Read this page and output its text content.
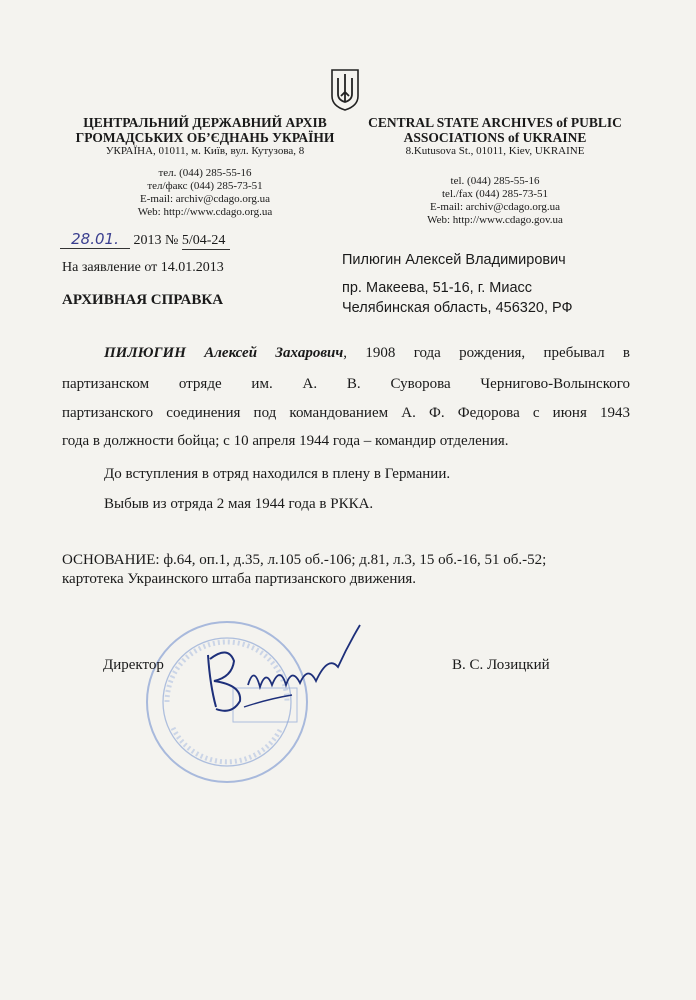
ЦЕНТРАЛЬНИЙ ДЕРЖАВНИЙ АРХІВ
ГРОМАДСЬКИХ ОБ’ЄДНАНЬ УКРАЇНИ
УКРАЇНА, 01011, м. Київ, вул. Кутузова, 8
тел. (044) 285-55-16
тел/факс (044) 285-73-51
E-mail: archiv@cdago.org.ua
Web: http://www.cdago.org.ua
CENTRAL STATE ARCHIVES of PUBLIC
ASSOCIATIONS of UKRAINE
8.Kutusova St., 01011, Kiev, UKRAINE
tel. (044) 285-55-16
tel./fax (044) 285-73-51
E-mail: archiv@cdago.org.ua
Web: http://www.cdago.gov.ua
28.01. 2013 № 5/04-24
На заявление от 14.01.2013
АРХИВНАЯ СПРАВКА
Пилюгин Алексей Владимирович
пр. Макеева, 51-16, г. Миасс
Челябинская область, 456320, РФ
ПИЛЮГИН Алексей Захарович, 1908 года рождения, пребывал в
партизанском отряде им. А. В. Суворова Чернигово-Волынского
партизанского соединения под командованием А. Ф. Федорова с июня 1943
года в должности бойца; с 10 апреля 1944 года – командир отделения.
До вступления в отряд находился в плену в Германии.
Выбыв из отряда 2 мая 1944 года в РККА.
ОСНОВАНИЕ: ф.64, оп.1, д.35, л.105 об.-106; д.81, л.3, 15 об.-16, 51 об.-52;
картотека Украинского штаба партизанского движения.
Директор	В. С. Лозицкий
